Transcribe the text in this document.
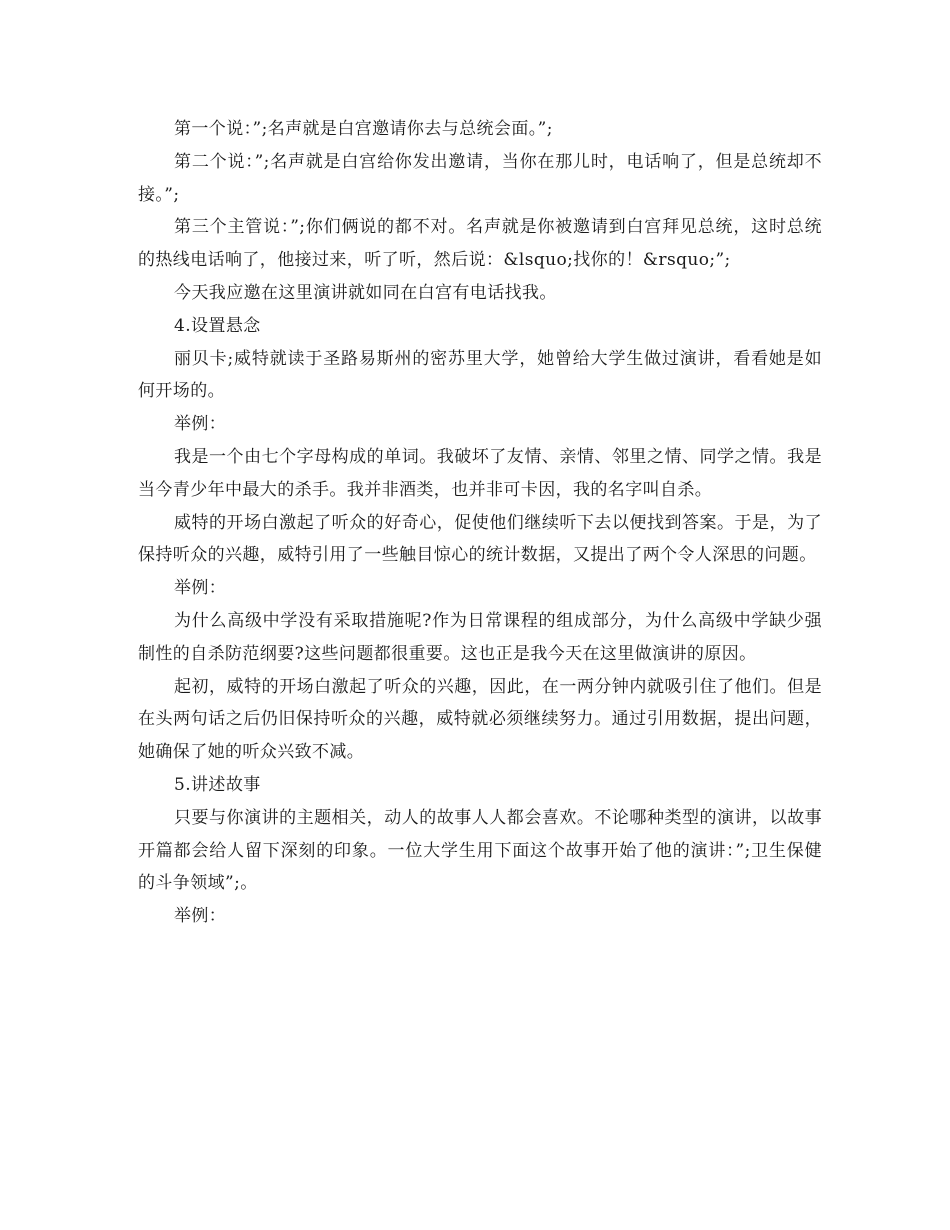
第一个说：”;名声就是白宫邀请你去与总统会面。”;

第二个说：”;名声就是白宫给你发出邀请，当你在那儿时，电话响了，但是总统却不接。”;

第三个主管说：”;你们俩说的都不对。名声就是你被邀请到白宫拜见总统，这时总统的热线电话响了，他接过来，听了听，然后说：&lsquo;找你的！&rsquo;”;

今天我应邀在这里演讲就如同在白宫有电话找我。

4.设置悬念

丽贝卡;威特就读于圣路易斯州的密苏里大学，她曾给大学生做过演讲，看看她是如何开场的。

举例：

我是一个由七个字母构成的单词。我破坏了友情、亲情、邻里之情、同学之情。我是当今青少年中最大的杀手。我并非酒类，也并非可卡因，我的名字叫自杀。

威特的开场白激起了听众的好奇心，促使他们继续听下去以便找到答案。于是，为了保持听众的兴趣，威特引用了一些触目惊心的统计数据，又提出了两个令人深思的问题。

举例：

为什么高级中学没有采取措施呢?作为日常课程的组成部分，为什么高级中学缺少强制性的自杀防范纲要?这些问题都很重要。这也正是我今天在这里做演讲的原因。

起初，威特的开场白激起了听众的兴趣，因此，在一两分钟内就吸引住了他们。但是在头两句话之后仍旧保持听众的兴趣，威特就必须继续努力。通过引用数据，提出问题，她确保了她的听众兴致不减。

5.讲述故事

只要与你演讲的主题相关，动人的故事人人都会喜欢。不论哪种类型的演讲，以故事开篇都会给人留下深刻的印象。一位大学生用下面这个故事开始了他的演讲：”;卫生保健的斗争领域”;。

举例：
